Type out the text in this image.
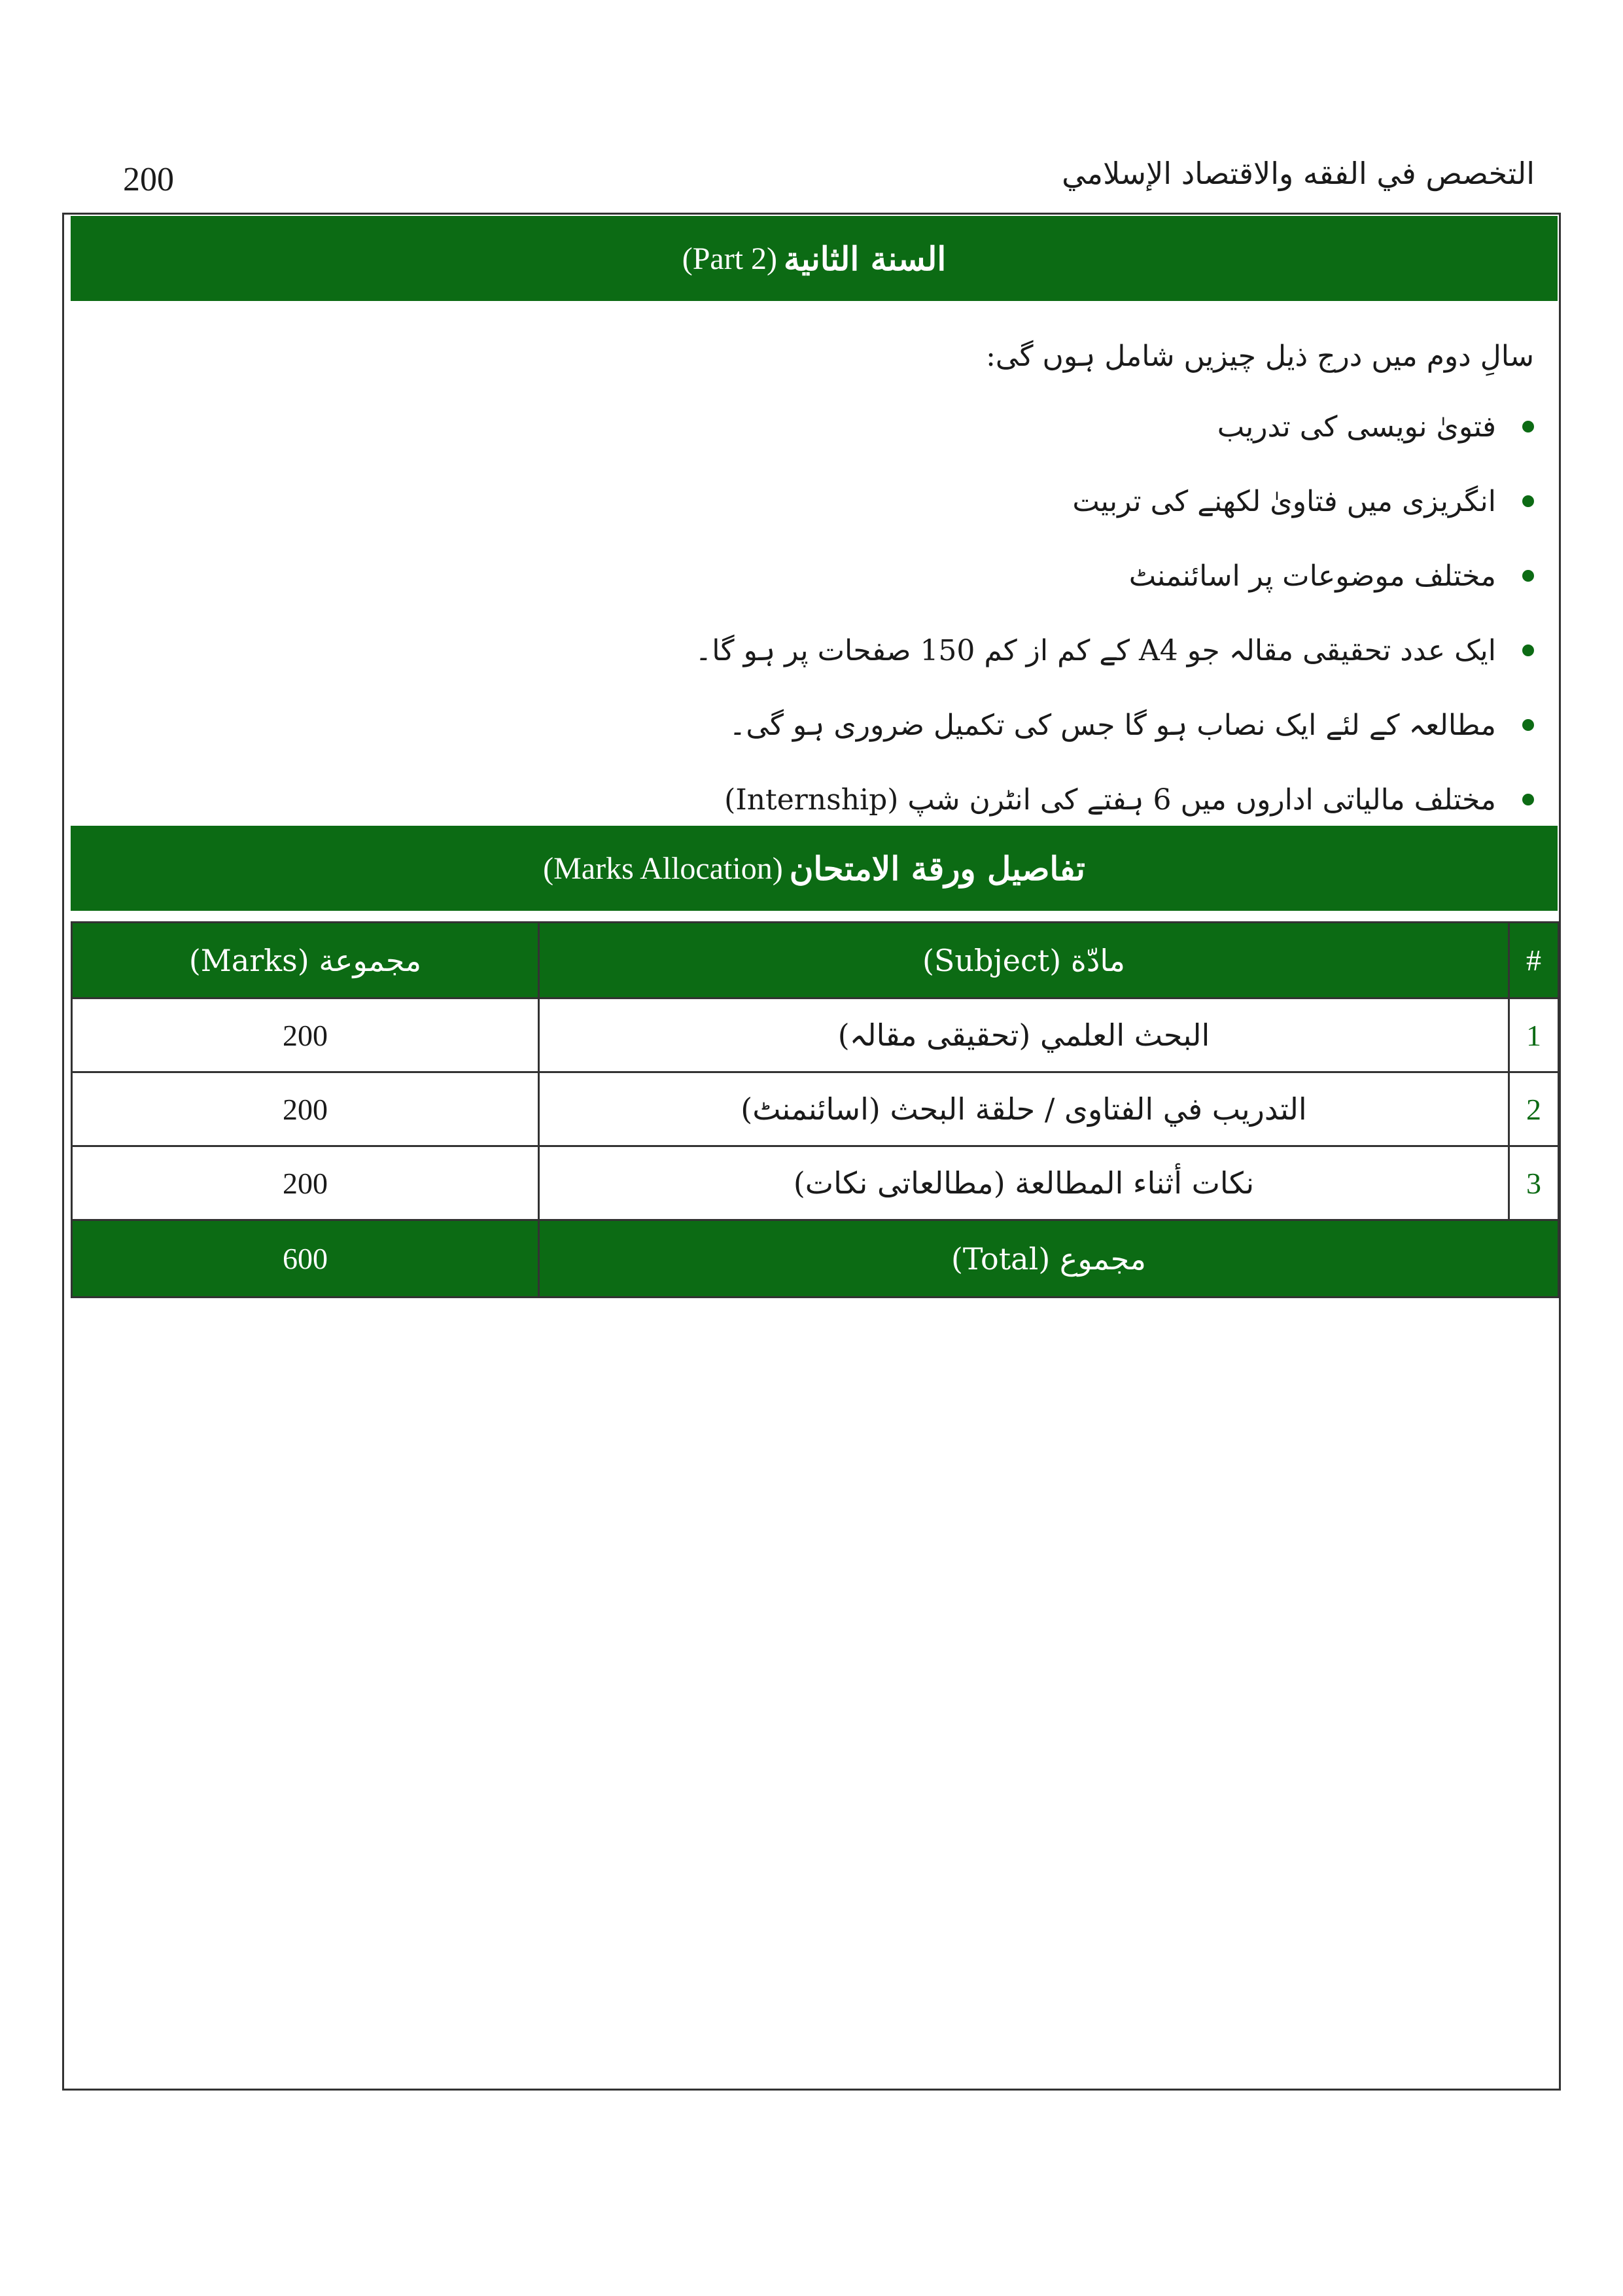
200	التخصص في الفقه والاقتصاد الإسلامي
السنة الثانية
(Part 2)
سالِ دوم میں درج ذیل چیزیں شامل ہوں گی:
فتویٰ نویسی کی تدریب
انگریزی میں فتاویٰ لکھنے کی تربیت
مختلف موضوعات پر اسائنمنٹ
ایک عدد تحقیقی مقالہ جو A4 کے کم از کم 150 صفحات پر ہو گا۔
مطالعہ کے لئے ایک نصاب ہو گا جس کی تکمیل ضروری ہو گی۔
مختلف مالیاتی اداروں میں 6 ہفتے کی انٹرن شپ (Internship)
تفاصيل ورقة الامتحان
(Marks Allocation)
مجموعة (Marks)	مادّة (Subject)	#
200	البحث العلمي (تحقیقی مقالہ)	1
200	التدريب في الفتاوى / حلقة البحث (اسائنمنٹ)	2
200	نكات أثناء المطالعة (مطالعاتی نکات)	3
600	مجموع (Total)	
